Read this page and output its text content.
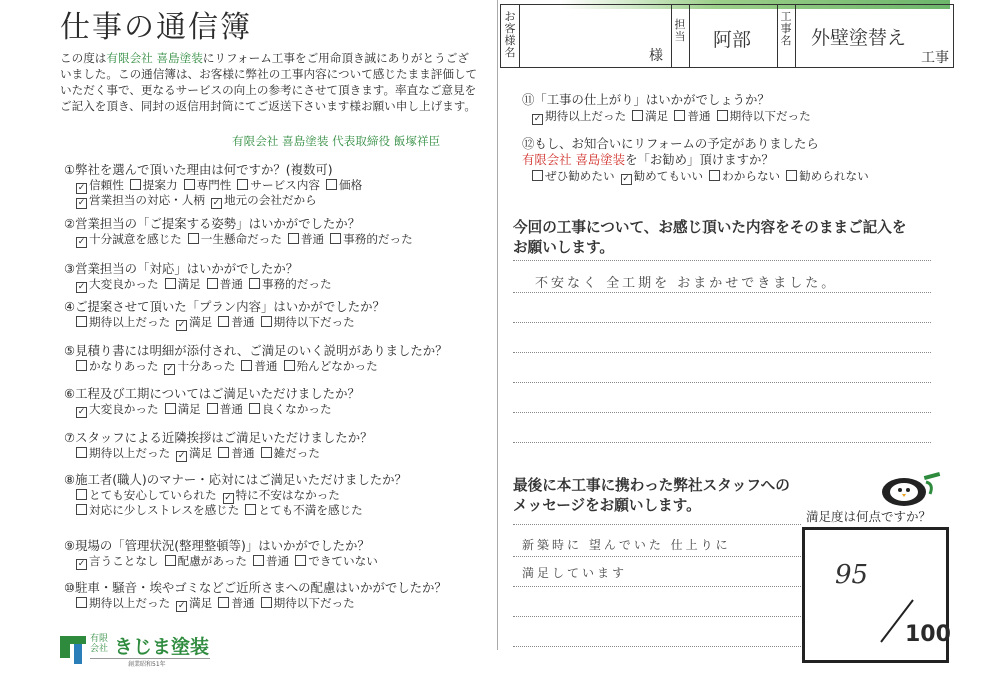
仕事の通信簿
この度は有限会社 喜島塗装にリフォーム工事をご用命頂き誠にありがとうございました。この通信簿は、お客様に弊社の工事内容について感じたまま評価していただく事で、更なるサービスの向上の参考にさせて頂きます。率直なご意見をご記入を頂き、同封の返信用封筒にてご返送下さいます様お願い申し上げます。
有限会社 喜島塗装 代表取締役 飯塚祥臣
①弊社を選んで頂いた理由は何ですか？(複数可)
✓ 信頼性 提案力 専門性 サービス内容 価格✓ 営業担当の対応・人柄 ✓ 地元の会社だから
②営業担当の「ご提案する姿勢」はいかがでしたか？
✓ 十分誠意を感じた 一生懸命だった 普通 事務的だった
③営業担当の「対応」はいかがでしたか？
✓ 大変良かった 満足 普通 事務的だった
④ご提案させて頂いた「プラン内容」はいかがでしたか？
期待以上だった ✓ 満足 普通 期待以下だった
⑤見積り書には明細が添付され、ご満足のいく説明がありましたか？
かなりあった ✓ 十分あった 普通 殆んどなかった
⑥工程及び工期についてはご満足いただけましたか？
✓ 大変良かった 満足 普通 良くなかった
⑦スタッフによる近隣挨拶はご満足いただけましたか？
期待以上だった ✓ 満足 普通 雑だった
⑧施工者(職人)のマナー・応対にはご満足いただけましたか？
とても安心していられた ✓ 特に不安はなかった対応に少しストレスを感じた とても不満を感じた
⑨現場の「管理状況(整理整頓等)」はいかがでしたか？
✓ 言うことなし 配慮があった 普通 できていない
⑩駐車・騒音・埃やゴミなどご近所さまへの配慮はいかがでしたか？
期待以上だった ✓ 満足 普通 期待以下だった
有限
会社 きじま塗装
創業昭和51年
お客様名	様
担当 阿部
工事名 外壁塗替え
工事
⑪「工事の仕上がり」はいかがでしょうか？
✓ 期待以上だった 満足 普通 期待以下だった
⑫もし、お知合いにリフォームの予定がありましたら
有限会社 喜島塗装を「お勧め」頂けますか？
ぜひ勧めたい ✓ 勧めてもいい わからない 勧められない
今回の工事について、お感じ頂いた内容をそのままご記入を
お願いします。
不安なく 全工期を おまかせできました。
最後に本工事に携わった弊社スタッフへの
メッセージをお願いします。
新築時に 望んでいた 仕上りに
満足しています
満足度は何点ですか？
95
100
